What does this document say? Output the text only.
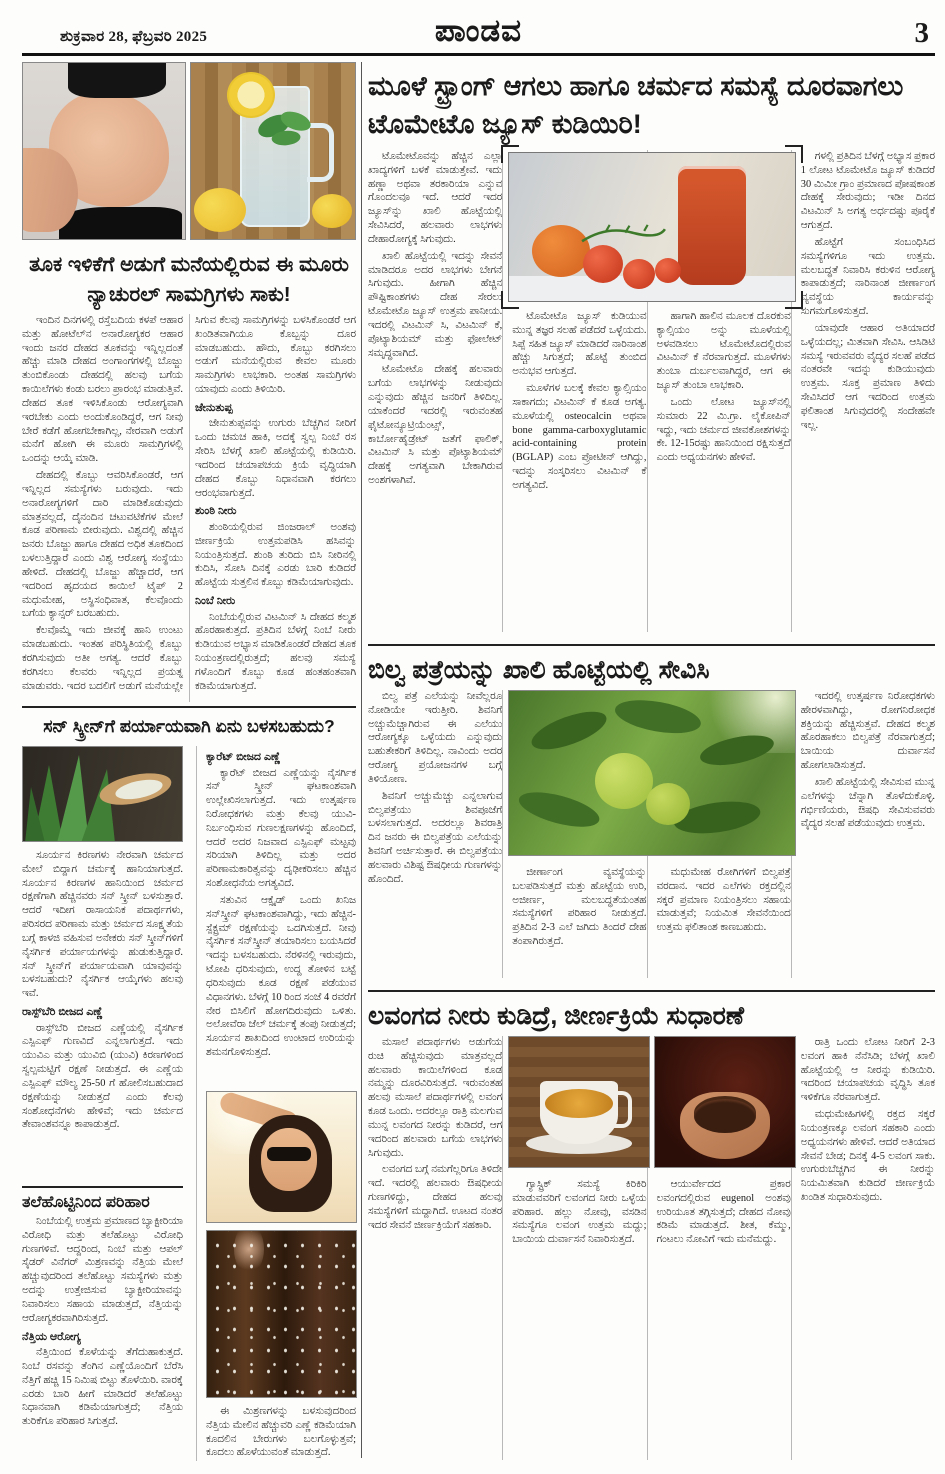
ಶುಕ್ರವಾರ 28, ಫೆಬ್ರವರಿ 2025	ಪಾಂಡವ	3
ತೂಕ ಇಳಿಕೆಗೆ ಅಡುಗೆ ಮನೆಯಲ್ಲಿರುವ ಈ ಮೂರು ನ್ಯಾಚುರಲ್ ಸಾಮಗ್ರಿಗಳು ಸಾಕು!

ಇಂದಿನ ದಿನಗಳಲ್ಲಿ ರಸ್ತೆಬದಿಯ ಕಳಪೆ ಆಹಾರ ಮತ್ತು ಹೋಟೆಲ್‌ನ ಅನಾರೋಗ್ಯಕರ ಆಹಾರ ಇಂದು ಜನರ ದೇಹದ ತೂಕವನ್ನು ಇನ್ನಿಲ್ಲದಂತೆ ಹೆಚ್ಚು ಮಾಡಿ ದೇಹದ ಅಂಗಾಂಗಗಳಲ್ಲಿ ಬೊಜ್ಜು ತುಂಬಿಕೊಂಡು ದೇಹದಲ್ಲಿ ಹಲವು ಬಗೆಯ ಕಾಯಿಲೆಗಳು ಕಂಡು ಬರಲು ಪ್ರಾರಂಭ ಮಾಡುತ್ತಿವೆ. ದೇಹದ ತೂಕ ಇಳಿಸಿಕೊಂಡು ಆರೋಗ್ಯವಾಗಿ ಇರಬೇಕು ಎಂದು ಅಂದುಕೊಂಡಿದ್ದರೆ, ಆಗ ನೀವು ಬೇರೆ ಕಡೆಗೆ ಹೋಗಬೇಕಾಗಿಲ್ಲ, ನೇರವಾಗಿ ಅಡುಗೆ ಮನೆಗೆ ಹೋಗಿ ಈ ಮೂರು ಸಾಮಗ್ರಿಗಳಲ್ಲಿ ಒಂದನ್ನು ಆಯ್ಕೆ ಮಾಡಿ.

ದೇಹದಲ್ಲಿ ಕೊಬ್ಬು ಆವರಿಸಿಕೊಂಡರೆ, ಆಗ ಇನ್ನಿಲ್ಲದ ಸಮಸ್ಯೆಗಳು ಬರುವುದು. ಇದು ಅನಾರೋಗ್ಯಗಳಿಗೆ ದಾರಿ ಮಾಡಿಕೊಡುವುದು ಮಾತ್ರವಲ್ಲದೆ, ದೈನಂದಿನ ಚಟುವಟಿಕೆಗಳ ಮೇಲೆ ಕೂಡ ಪರಿಣಾಮ ಬೀರುವುದು. ವಿಶ್ವದಲ್ಲಿ ಹೆಚ್ಚಿನ ಜನರು ಬೊಜ್ಜು ಹಾಗೂ ದೇಹದ ಅಧಿಕ ತೂಕದಿಂದ ಬಳಲುತ್ತಿದ್ದಾರೆ ಎಂದು ವಿಶ್ವ ಆರೋಗ್ಯ ಸಂಸ್ಥೆಯು ಹೇಳಿದೆ. ದೇಹದಲ್ಲಿ ಬೊಜ್ಜು ಹೆಚ್ಚಾದರೆ, ಆಗ ಇದರಿಂದ ಹೃದಯದ ಕಾಯಿಲೆ ಟೈಪ್ 2 ಮಧುಮೇಹ, ಅಸ್ಥಿಸಂಧಿವಾತ, ಕೆಲವೊಂದು ಬಗೆಯ ಕ್ಯಾನ್ಸರ್ ಬರಬಹುದು.

ಕೆಲವೊಮ್ಮೆ ಇದು ಜೀವಕ್ಕೆ ಹಾನಿ ಉಂಟು ಮಾಡಬಹುದು. ಇಂತಹ ಪರಿಸ್ಥಿತಿಯಲ್ಲಿ ಕೊಬ್ಬು ಕರಗಿಸುವುದು ಅತೀ ಅಗತ್ಯ. ಆದರೆ ಕೊಬ್ಬು ಕರಗಿಸಲು ಕೆಲವರು ಇನ್ನಿಲ್ಲದ ಪ್ರಯತ್ನ ಮಾಡುವರು. ಇದರ ಬದಲಿಗೆ ಅಡುಗೆ ಮನೆಯಲ್ಲೇ ಸಿಗುವ ಕೆಲವು ಸಾಮಗ್ರಿಗಳನ್ನು ಬಳಸಿಕೊಂಡರೆ ಆಗ ಖಂಡಿತವಾಗಿಯೂ ಕೊಬ್ಬನ್ನು ದೂರ ಮಾಡಬಹುದು. ಹೌದು, ಕೊಬ್ಬು ಕರಗಿಸಲು ಅಡುಗೆ ಮನೆಯಲ್ಲಿರುವ ಕೇವಲ ಮೂರು ಸಾಮಗ್ರಿಗಳು ಲಾಭಕಾರಿ. ಅಂತಹ ಸಾಮಗ್ರಿಗಳು ಯಾವುದು ಎಂದು ತಿಳಿಯಿರಿ.

ಜೇನುತುಪ್ಪ

ಜೇನುತುಪ್ಪವನ್ನು ಉಗುರು ಬೆಚ್ಚಗಿನ ನೀರಿಗೆ ಒಂದು ಚಮಚ ಹಾಕಿ, ಅದಕ್ಕೆ ಸ್ವಲ್ಪ ನಿಂಬೆ ರಸ ಸೇರಿಸಿ ಬೆಳಗ್ಗೆ ಖಾಲಿ ಹೊಟ್ಟೆಯಲ್ಲಿ ಕುಡಿಯಿರಿ. ಇದರಿಂದ ಚಯಾಪಚಯ ಕ್ರಿಯೆ ವೃದ್ಧಿಯಾಗಿ ದೇಹದ ಕೊಬ್ಬು ನಿಧಾನವಾಗಿ ಕರಗಲು ಆರಂಭವಾಗುತ್ತದೆ.

ಶುಂಠಿ ನೀರು

ಶುಂಠಿಯಲ್ಲಿರುವ ಜಿಂಜರಾಲ್ ಅಂಶವು ಜೀರ್ಣಕ್ರಿಯೆ ಉತ್ತಮಪಡಿಸಿ ಹಸಿವನ್ನು ನಿಯಂತ್ರಿಸುತ್ತದೆ. ಶುಂಠಿ ತುರಿದು ಬಿಸಿ ನೀರಿನಲ್ಲಿ ಕುದಿಸಿ, ಸೋಸಿ ದಿನಕ್ಕೆ ಎರಡು ಬಾರಿ ಕುಡಿದರೆ ಹೊಟ್ಟೆಯ ಸುತ್ತಲಿನ ಕೊಬ್ಬು ಕಡಿಮೆಯಾಗುವುದು.

ನಿಂಬೆ ನೀರು

ನಿಂಬೆಯಲ್ಲಿರುವ ವಿಟಮಿನ್ ಸಿ ದೇಹದ ಕಲ್ಮಶ ಹೊರಹಾಕುತ್ತದೆ. ಪ್ರತಿದಿನ ಬೆಳಗ್ಗೆ ನಿಂಬೆ ನೀರು ಕುಡಿಯುವ ಅಭ್ಯಾಸ ಮಾಡಿಕೊಂಡರೆ ದೇಹದ ತೂಕ ನಿಯಂತ್ರಣದಲ್ಲಿರುತ್ತದೆ; ಹಲವು ಸಮಸ್ಯೆ ಗಳೊಂದಿಗೆ ಕೊಬ್ಬು ಕೂಡ ಹಂತಹಂತವಾಗಿ ಕಡಿಮೆಯಾಗುತ್ತದೆ.

ಸನ್ ಸ್ಕ್ರೀನ್‌ಗೆ ಪರ್ಯಾಯವಾಗಿ ಏನು ಬಳಸಬಹುದು?

ಸೂರ್ಯನ ಕಿರಣಗಳು ನೇರವಾಗಿ ಚರ್ಮದ ಮೇಲೆ ಬಿದ್ದಾಗ ಚರ್ಮಕ್ಕೆ ಹಾನಿಯಾಗುತ್ತದೆ. ಸೂರ್ಯನ ಕಿರಣಗಳ ಹಾನಿಯಿಂದ ಚರ್ಮದ ರಕ್ಷಣೆಗಾಗಿ ಹೆಚ್ಚಿನವರು ಸನ್ ಸ್ಕ್ರೀನ್ ಬಳಸುತ್ತಾರೆ. ಆದರೆ ಇದೀಗ ರಾಸಾಯನಿಕ ಪದಾರ್ಥಗಳು, ಪರಿಸರದ ಪರಿಣಾಮ ಮತ್ತು ಚರ್ಮದ ಸೂಕ್ಷ್ಮತೆಯ ಬಗ್ಗೆ ಕಾಳಜಿ ವಹಿಸುವ ಅನೇಕರು ಸನ್ ಸ್ಕ್ರೀನ್‌ಗಳಿಗೆ ನೈಸರ್ಗಿಕ ಪರ್ಯಾಯಗಳನ್ನು ಹುಡುಕುತ್ತಿದ್ದಾರೆ. ಸನ್ ಸ್ಕ್ರೀನ್‌ಗೆ ಪರ್ಯಾಯವಾಗಿ ಯಾವುವನ್ನು ಬಳಸಬಹುದು? ನೈಸರ್ಗಿಕ ಆಯ್ಕೆಗಳು ಹಲವು ಇವೆ.

ರಾಸ್ಪ್‌ಬೆರಿ ಬೀಜದ ಎಣ್ಣೆ

ರಾಸ್ಪ್‌ಬೆರಿ ಬೀಜದ ಎಣ್ಣೆಯಲ್ಲಿ ನೈಸರ್ಗಿಕ ಎಸ್ಪಿಎಫ್ ಗುಣವಿದೆ ಎನ್ನಲಾಗುತ್ತದೆ. ಇದು ಯುವಿಎ ಮತ್ತು ಯುವಿಬಿ (ಯುವಿ) ಕಿರಣಗಳಿಂದ ಸ್ವಲ್ಪಮಟ್ಟಿಗೆ ರಕ್ಷಣೆ ನೀಡುತ್ತದೆ. ಈ ಎಣ್ಣೆಯ ಎಸ್ಪಿಎಫ್ ಮೌಲ್ಯ 25-50 ಗೆ ಹೋಲಿಸಬಹುದಾದ ರಕ್ಷಣೆಯನ್ನು ನೀಡುತ್ತದೆ ಎಂದು ಕೆಲವು ಸಂಶೋಧನೆಗಳು ಹೇಳಿವೆ; ಇದು ಚರ್ಮದ ತೇವಾಂಶವನ್ನೂ ಕಾಪಾಡುತ್ತದೆ.

ತಲೆಹೊಟ್ಟಿನಿಂದ ಪರಿಹಾರ

ನಿಂಬೆಯಲ್ಲಿ ಉತ್ತಮ ಪ್ರಮಾಣದ ಬ್ಯಾಕ್ಟೀರಿಯಾ ವಿರೋಧಿ ಮತ್ತು ತಲೆಹೊಟ್ಟು ವಿರೋಧಿ ಗುಣಗಳಿವೆ. ಆದ್ದರಿಂದ, ನಿಂಬೆ ಮತ್ತು ಆಪಲ್ ಸೈಡರ್ ವಿನೆಗರ್ ಮಿಶ್ರಣವನ್ನು ನೆತ್ತಿಯ ಮೇಲೆ ಹಚ್ಚುವುದರಿಂದ ತಲೆಹೊಟ್ಟು ಸಮಸ್ಯೆಗಳು ಮತ್ತು ಅದನ್ನು ಉತ್ತೇಜಿಸುವ ಬ್ಯಾಕ್ಟೀರಿಯಾವನ್ನು ನಿವಾರಿಸಲು ಸಹಾಯ ಮಾಡುತ್ತದೆ, ನೆತ್ತಿಯನ್ನು ಆರೋಗ್ಯಕರವಾಗಿರಿಸುತ್ತದೆ.

ನೆತ್ತಿಯ ಆರೋಗ್ಯ

ನೆತ್ತಿಯಿಂದ ಕೊಳೆಯನ್ನು ತೆಗೆದುಹಾಕುತ್ತದೆ. ನಿಂಬೆ ರಸವನ್ನು ತೆಂಗಿನ ಎಣ್ಣೆಯೊಂದಿಗೆ ಬೆರೆಸಿ ನೆತ್ತಿಗೆ ಹಚ್ಚಿ 15 ನಿಮಿಷ ಬಿಟ್ಟು ತೊಳೆಯಿರಿ. ವಾರಕ್ಕೆ ಎರಡು ಬಾರಿ ಹೀಗೆ ಮಾಡಿದರೆ ತಲೆಹೊಟ್ಟು ನಿಧಾನವಾಗಿ ಕಡಿಮೆಯಾಗುತ್ತದೆ; ನೆತ್ತಿಯ ತುರಿಕೆಗೂ ಪರಿಹಾರ ಸಿಗುತ್ತದೆ.

ಕ್ಯಾರೆಟ್ ಬೀಜದ ಎಣ್ಣೆ

ಕ್ಯಾರೆಟ್ ಬೀಜದ ಎಣ್ಣೆಯನ್ನು ನೈಸರ್ಗಿಕ ಸನ್ ಸ್ಕ್ರೀನ್ ಘಟಕಾಂಶವಾಗಿ ಉಲ್ಲೇಖಿಸಲಾಗುತ್ತದೆ. ಇದು ಉತ್ಕರ್ಷಣ ನಿರೋಧಕಗಳು ಮತ್ತು ಕೆಲವು ಯುವಿ-ನಿರ್ಬಂಧಿಸುವ ಗುಣಲಕ್ಷಣಗಳನ್ನು ಹೊಂದಿದೆ, ಆದರೆ ಅದರ ನಿಜವಾದ ಎಸ್ಪಿಎಫ್ ಮಟ್ಟವು ಸರಿಯಾಗಿ ತಿಳಿದಿಲ್ಲ ಮತ್ತು ಅದರ ಪರಿಣಾಮಕಾರಿತ್ವವನ್ನು ದೃಢೀಕರಿಸಲು ಹೆಚ್ಚಿನ ಸಂಶೋಧನೆಯ ಅಗತ್ಯವಿದೆ.

ಸತುವಿನ ಆಕ್ಸೈಡ್ ಒಂದು ಖನಿಜ ಸನ್‌ಸ್ಕ್ರೀನ್ ಘಟಕಾಂಶವಾಗಿದ್ದು, ಇದು ಹೆಚ್ಚಿನ-ಸ್ಪೆಕ್ಟ್ರಮ್ ರಕ್ಷಣೆಯನ್ನು ಒದಗಿಸುತ್ತದೆ. ನೀವು ನೈಸರ್ಗಿಕ ಸನ್‌ಸ್ಕ್ರೀನ್ ತಯಾರಿಸಲು ಬಯಸಿದರೆ ಇದನ್ನು ಬಳಸಬಹುದು. ನೆರಳಿನಲ್ಲಿ ಇರುವುದು, ಟೋಪಿ ಧರಿಸುವುದು, ಉದ್ದ ತೋಳಿನ ಬಟ್ಟೆ ಧರಿಸುವುದು ಕೂಡ ರಕ್ಷಣೆ ಪಡೆಯುವ ವಿಧಾನಗಳು. ಬೆಳಗ್ಗೆ 10 ರಿಂದ ಸಂಜೆ 4 ರವರೆಗೆ ನೇರ ಬಿಸಿಲಿಗೆ ಹೋಗದಿರುವುದು ಒಳಿತು. ಅಲೋವೆರಾ ಜೆಲ್ ಚರ್ಮಕ್ಕೆ ತಂಪು ನೀಡುತ್ತದೆ; ಸೂರ್ಯನ ಶಾಖದಿಂದ ಉಂಟಾದ ಉರಿಯನ್ನು ಶಮನಗೊಳಿಸುತ್ತದೆ.

ಈ ಮಿಶ್ರಣಗಳನ್ನು ಬಳಸುವುದರಿಂದ ನೆತ್ತಿಯ ಮೇಲಿನ ಹೆಚ್ಚುವರಿ ಎಣ್ಣೆ ಕಡಿಮೆಯಾಗಿ ಕೂದಲಿನ ಬೇರುಗಳು ಬಲಗೊಳ್ಳುತ್ತವೆ; ಕೂದಲು ಹೊಳೆಯುವಂತೆ ಮಾಡುತ್ತದೆ.

ಮೂಳೆ ಸ್ಟ್ರಾಂಗ್ ಆಗಲು ಹಾಗೂ ಚರ್ಮದ ಸಮಸ್ಯೆ ದೂರವಾಗಲು ಟೊಮೇಟೊ ಜ್ಯೂಸ್ ಕುಡಿಯಿರಿ!

ಟೊಮೇಟೊವನ್ನು ಹೆಚ್ಚಿನ ಎಲ್ಲಾ ಖಾದ್ಯಗಳಿಗೆ ಬಳಕೆ ಮಾಡುತ್ತೇವೆ. ಇದು ಹಣ್ಣಾ ಅಥವಾ ತರಕಾರಿಯಾ ಎನ್ನುವ ಗೊಂದಲವೂ ಇದೆ. ಆದರೆ ಇದರ ಜ್ಯೂಸ್‌ನ್ನು ಖಾಲಿ ಹೊಟ್ಟೆಯಲ್ಲಿ ಸೇವಿಸಿದರೆ, ಹಲವಾರು ಲಾಭಗಳು ದೇಹಾರೋಗ್ಯಕ್ಕೆ ಸಿಗುವುದು.

ಖಾಲಿ ಹೊಟ್ಟೆಯಲ್ಲಿ ಇದನ್ನು ಸೇವನೆ ಮಾಡಿದರೂ ಅದರ ಲಾಭಗಳು ಬೇಗನೆ ಸಿಗುವುದು. ಹೀಗಾಗಿ ಹೆಚ್ಚಿನ ಪೌಷ್ಟಿಕಾಂಶಗಳು ದೇಹ ಸೇರಲು ಟೊಮೇಟೊ ಜ್ಯೂಸ್ ಉತ್ತಮ ಪಾನೀಯ. ಇದರಲ್ಲಿ ವಿಟಮಿನ್ ಸಿ, ವಿಟಮಿನ್ ಕೆ, ಪೊಟ್ಯಾಶಿಯಮ್ ಮತ್ತು ಫೋಲೇಟ್ ಸಮೃದ್ಧವಾಗಿದೆ.

ಟೊಮೇಟೊ ದೇಹಕ್ಕೆ ಹಲವಾರು ಬಗೆಯ ಲಾಭಗಳನ್ನು ನೀಡುವುದು ಎನ್ನುವುದು ಹೆಚ್ಚಿನ ಜನರಿಗೆ ತಿಳಿದಿಲ್ಲ. ಯಾಕೆಂದರೆ ಇದರಲ್ಲಿ ಇರುವಂತಹ ಫೈಟೋನ್ಯೂಟ್ರಿಯೆಂಟ್ಸ್, ಕಾರ್ಬೋಹೈಡ್ರೇಟ್ ಜತೆಗೆ ಫಾಲಿಕ್, ವಿಟಮಿನ್ ಸಿ ಮತ್ತು ಪೊಟ್ಯಾಶಿಯಮ್ ದೇಹಕ್ಕೆ ಅಗತ್ಯವಾಗಿ ಬೇಕಾಗಿರುವ ಅಂಶಗಳಾಗಿವೆ.

ಟೊಮೇಟೊ ಜ್ಯೂಸ್ ಕುಡಿಯುವ ಮುನ್ನ ತಜ್ಞರ ಸಲಹೆ ಪಡೆದರೆ ಒಳ್ಳೆಯದು. ಸಿಪ್ಪೆ ಸಹಿತ ಜ್ಯೂಸ್ ಮಾಡಿದರೆ ನಾರಿನಾಂಶ ಹೆಚ್ಚು ಸಿಗುತ್ತದೆ; ಹೊಟ್ಟೆ ತುಂಬಿದ ಅನುಭವ ಆಗುತ್ತದೆ.

ಮೂಳೆಗಳ ಬಲಕ್ಕೆ ಕೇವಲ ಕ್ಯಾಲ್ಸಿಯಂ ಸಾಕಾಗದು; ವಿಟಮಿನ್ ಕೆ ಕೂಡ ಅಗತ್ಯ. ಮೂಳೆಯಲ್ಲಿ osteocalcin ಅಥವಾ bone gamma-carboxyglutamic acid-containing protein (BGLAP) ಎಂಬ ಪ್ರೋಟೀನ್ ಆಗಿದ್ದು, ಇದನ್ನು ಸಂಸ್ಕರಿಸಲು ವಿಟಮಿನ್ ಕೆ ಅಗತ್ಯವಿದೆ.

ಹಾಗಾಗಿ ಹಾಲಿನ ಮೂಲಕ ದೊರಕುವ ಕ್ಯಾಲ್ಸಿಯಂ ಅನ್ನು ಮೂಳೆಯಲ್ಲಿ ಅಳವಡಿಸಲು ಟೊಮೇಟೊದಲ್ಲಿರುವ ವಿಟಮಿನ್ ಕೆ ನೆರವಾಗುತ್ತದೆ. ಮೂಳೆಗಳು ತುಂಬಾ ದುರ್ಬಲವಾಗಿದ್ದರೆ, ಆಗ ಈ ಜ್ಯೂಸ್ ತುಂಬಾ ಲಾಭಕಾರಿ.

ಒಂದು ಲೋಟ ಜ್ಯೂಸ್‌ನಲ್ಲಿ ಸುಮಾರು 22 ಮಿ.ಗ್ರಾ. ಲೈಕೋಪಿನ್ ಇದ್ದು, ಇದು ಚರ್ಮದ ಜೀವಕೋಶಗಳನ್ನು ಕೇ. 12-15ರಷ್ಟು ಹಾನಿಯಿಂದ ರಕ್ಷಿಸುತ್ತದೆ ಎಂದು ಅಧ್ಯಯನಗಳು ಹೇಳಿವೆ.

ಗಳಲ್ಲಿ ಪ್ರತಿದಿನ ಬೆಳಗ್ಗೆ ಅಭ್ಯಾಸ ಪ್ರಕಾರ 1 ಲೋಟ ಟೊಮೇಟೊ ಜ್ಯೂಸ್ ಕುಡಿದರೆ 30 ಮಿಮೀ ಗ್ರಾಂ ಪ್ರಮಾಣದ ಪೋಷಕಾಂಶ ದೇಹಕ್ಕೆ ಸೇರುವುದು; ಇಡೀ ದಿನದ ವಿಟಮಿನ್ ಸಿ ಅಗತ್ಯ ಅರ್ಧದಷ್ಟು ಪೂರೈಕೆ ಆಗುತ್ತದೆ.

ಹೊಟ್ಟೆಗೆ ಸಂಬಂಧಿಸಿದ ಸಮಸ್ಯೆಗಳಿಗೂ ಇದು ಉತ್ತಮ. ಮಲಬದ್ಧತೆ ನಿವಾರಿಸಿ ಕರುಳಿನ ಆರೋಗ್ಯ ಕಾಪಾಡುತ್ತದೆ; ನಾರಿನಾಂಶ ಜೀರ್ಣಾಂಗ ವ್ಯವಸ್ಥೆಯ ಕಾರ್ಯವನ್ನು ಸುಗಮಗೊಳಿಸುತ್ತದೆ.

ಯಾವುದೇ ಆಹಾರ ಅತಿಯಾದರೆ ಒಳ್ಳೆಯದಲ್ಲ; ಮಿತವಾಗಿ ಸೇವಿಸಿ. ಆಸಿಡಿಟಿ ಸಮಸ್ಯೆ ಇರುವವರು ವೈದ್ಯರ ಸಲಹೆ ಪಡೆದ ನಂತರವೇ ಇದನ್ನು ಕುಡಿಯುವುದು ಉತ್ತಮ. ಸೂಕ್ತ ಪ್ರಮಾಣ ತಿಳಿದು ಸೇವಿಸಿದರೆ ಆಗ ಇದರಿಂದ ಉತ್ತಮ ಫಲಿತಾಂಶ ಸಿಗುವುದರಲ್ಲಿ ಸಂದೇಹವೇ ಇಲ್ಲ.

ಬಿಲ್ವ ಪತ್ರೆಯನ್ನು ಖಾಲಿ ಹೊಟ್ಟೆಯಲ್ಲಿ ಸೇವಿಸಿ

ಬಿಲ್ವ ಪತ್ರೆ ಎಲೆಯನ್ನು ನೀವೆಲ್ಲರೂ ನೋಡಿಯೇ ಇರುತ್ತೀರಿ. ಶಿವನಿಗೆ ಅಚ್ಚುಮೆಚ್ಚಾಗಿರುವ ಈ ಎಲೆಯು ಆರೋಗ್ಯಕ್ಕೂ ಒಳ್ಳೆಯದು ಎನ್ನುವುದು ಬಹುತೇಕರಿಗೆ ತಿಳಿದಿಲ್ಲ. ನಾವಿಂದು ಅದರ ಆರೋಗ್ಯ ಪ್ರಯೋಜನಗಳ ಬಗ್ಗೆ ತಿಳಿಯೋಣ.

ಶಿವನಿಗೆ ಅಚ್ಚುಮೆಚ್ಚು ಎನ್ನಲಾಗುವ ಬಿಲ್ವಪತ್ರೆಯು ಶಿವಪೂಜೆಗೆ ಬಳಸಲಾಗುತ್ತದೆ. ಅದರಲ್ಲೂ ಶಿವರಾತ್ರಿ ದಿನ ಜನರು ಈ ಬಿಲ್ವಪತ್ರೆಯ ಎಲೆಯನ್ನು ಶಿವನಿಗೆ ಅರ್ಚಿಸುತ್ತಾರೆ. ಈ ಬಿಲ್ವಪತ್ರೆಯು ಹಲವಾರು ವಿಶಿಷ್ಟ ಔಷಧೀಯ ಗುಣಗಳನ್ನು ಹೊಂದಿದೆ.

ಜೀರ್ಣಾಂಗ ವ್ಯವಸ್ಥೆಯನ್ನು ಬಲಪಡಿಸುತ್ತದೆ ಮತ್ತು ಹೊಟ್ಟೆಯ ಉರಿ, ಅಜೀರ್ಣ, ಮಲಬದ್ಧತೆಯಂತಹ ಸಮಸ್ಯೆಗಳಿಗೆ ಪರಿಹಾರ ನೀಡುತ್ತದೆ. ಪ್ರತಿದಿನ 2-3 ಎಲೆ ಜಗಿದು ತಿಂದರೆ ದೇಹ ತಂಪಾಗಿರುತ್ತದೆ.

ಮಧುಮೇಹ ರೋಗಿಗಳಿಗೆ ಬಿಲ್ವಪತ್ರೆ ವರದಾನ. ಇದರ ಎಲೆಗಳು ರಕ್ತದಲ್ಲಿನ ಸಕ್ಕರೆ ಪ್ರಮಾಣ ನಿಯಂತ್ರಿಸಲು ಸಹಾಯ ಮಾಡುತ್ತವೆ; ನಿಯಮಿತ ಸೇವನೆಯಿಂದ ಉತ್ತಮ ಫಲಿತಾಂಶ ಕಾಣಬಹುದು.

ಇದರಲ್ಲಿ ಉತ್ಕರ್ಷಣ ನಿರೋಧಕಗಳು ಹೇರಳವಾಗಿದ್ದು, ರೋಗನಿರೋಧಕ ಶಕ್ತಿಯನ್ನು ಹೆಚ್ಚಿಸುತ್ತವೆ. ದೇಹದ ಕಲ್ಮಶ ಹೊರಹಾಕಲು ಬಿಲ್ವಪತ್ರೆ ನೆರವಾಗುತ್ತದೆ; ಬಾಯಿಯ ದುರ್ವಾಸನೆ ಹೋಗಲಾಡಿಸುತ್ತದೆ.

ಖಾಲಿ ಹೊಟ್ಟೆಯಲ್ಲಿ ಸೇವಿಸುವ ಮುನ್ನ ಎಲೆಗಳನ್ನು ಚೆನ್ನಾಗಿ ತೊಳೆದುಕೊಳ್ಳಿ. ಗರ್ಭಿಣಿಯರು, ಔಷಧಿ ಸೇವಿಸುವವರು ವೈದ್ಯರ ಸಲಹೆ ಪಡೆಯುವುದು ಉತ್ತಮ.

ಲವಂಗದ ನೀರು ಕುಡಿದ್ರೆ, ಜೀರ್ಣಕ್ರಿಯೆ ಸುಧಾರಣೆ

ಮಸಾಲೆ ಪದಾರ್ಥಗಳು ಅಡುಗೆಯ ರುಚಿ ಹೆಚ್ಚಿಸುವುದು ಮಾತ್ರವಲ್ಲದೆ ಹಲವಾರು ಕಾಯಿಲೆಗಳಿಂದ ಕೂಡ ನಮ್ಮನ್ನು ದೂರವಿರಿಸುತ್ತದೆ. ಇರುವಂತಹ ಹಲವು ಮಸಾಲೆ ಪದಾರ್ಥಗಳಲ್ಲಿ ಲವಂಗ ಕೂಡ ಒಂದು. ಅದರಲ್ಲೂ ರಾತ್ರಿ ಮಲಗುವ ಮುನ್ನ ಲವಂಗದ ನೀರನ್ನು ಕುಡಿದರೆ, ಆಗ ಇದರಿಂದ ಹಲವಾರು ಬಗೆಯ ಲಾಭಗಳು ಸಿಗುವುದು.

ಲವಂಗದ ಬಗ್ಗೆ ನಮಗೆಲ್ಲರಿಗೂ ತಿಳಿದೇ ಇದೆ. ಇದರಲ್ಲಿ ಹಲವಾರು ಔಷಧೀಯ ಗುಣಗಳಿದ್ದು, ದೇಹದ ಹಲವು ಸಮಸ್ಯೆಗಳಿಗೆ ಮದ್ದಾಗಿದೆ. ಊಟದ ನಂತರ ಇದರ ಸೇವನೆ ಜೀರ್ಣಕ್ರಿಯೆಗೆ ಸಹಕಾರಿ.

ಗ್ಯಾಸ್ಟ್ರಿಕ್ ಸಮಸ್ಯೆ ಕಿರಿಕಿರಿ ಮಾಡುವವರಿಗೆ ಲವಂಗದ ನೀರು ಒಳ್ಳೆಯ ಪರಿಹಾರ. ಹಲ್ಲು ನೋವು, ವಸಡಿನ ಸಮಸ್ಯೆಗೂ ಲವಂಗ ಉತ್ತಮ ಮದ್ದು; ಬಾಯಿಯ ದುರ್ವಾಸನೆ ನಿವಾರಿಸುತ್ತದೆ.

ಆಯುರ್ವೇದದ ಪ್ರಕಾರ ಲವಂಗದಲ್ಲಿರುವ eugenol ಅಂಶವು ಉರಿಯೂತ ತಗ್ಗಿಸುತ್ತದೆ; ದೇಹದ ನೋವು ಕಡಿಮೆ ಮಾಡುತ್ತದೆ. ಶೀತ, ಕೆಮ್ಮು, ಗಂಟಲು ನೋವಿಗೆ ಇದು ಮನೆಮದ್ದು.

ರಾತ್ರಿ ಒಂದು ಲೋಟ ನೀರಿಗೆ 2-3 ಲವಂಗ ಹಾಕಿ ನೆನೆಸಿಡಿ; ಬೆಳಗ್ಗೆ ಖಾಲಿ ಹೊಟ್ಟೆಯಲ್ಲಿ ಆ ನೀರನ್ನು ಕುಡಿಯಿರಿ. ಇದರಿಂದ ಚಯಾಪಚಯ ವೃದ್ಧಿಸಿ ತೂಕ ಇಳಿಕೆಗೂ ನೆರವಾಗುತ್ತದೆ.

ಮಧುಮೇಹಿಗಳಲ್ಲಿ ರಕ್ತದ ಸಕ್ಕರೆ ನಿಯಂತ್ರಣಕ್ಕೂ ಲವಂಗ ಸಹಕಾರಿ ಎಂದು ಅಧ್ಯಯನಗಳು ಹೇಳಿವೆ. ಆದರೆ ಅತಿಯಾದ ಸೇವನೆ ಬೇಡ; ದಿನಕ್ಕೆ 4-5 ಲವಂಗ ಸಾಕು. ಉಗುರುಬೆಚ್ಚಗಿನ ಈ ನೀರನ್ನು ನಿಯಮಿತವಾಗಿ ಕುಡಿದರೆ ಜೀರ್ಣಕ್ರಿಯೆ ಖಂಡಿತ ಸುಧಾರಿಸುವುದು.
